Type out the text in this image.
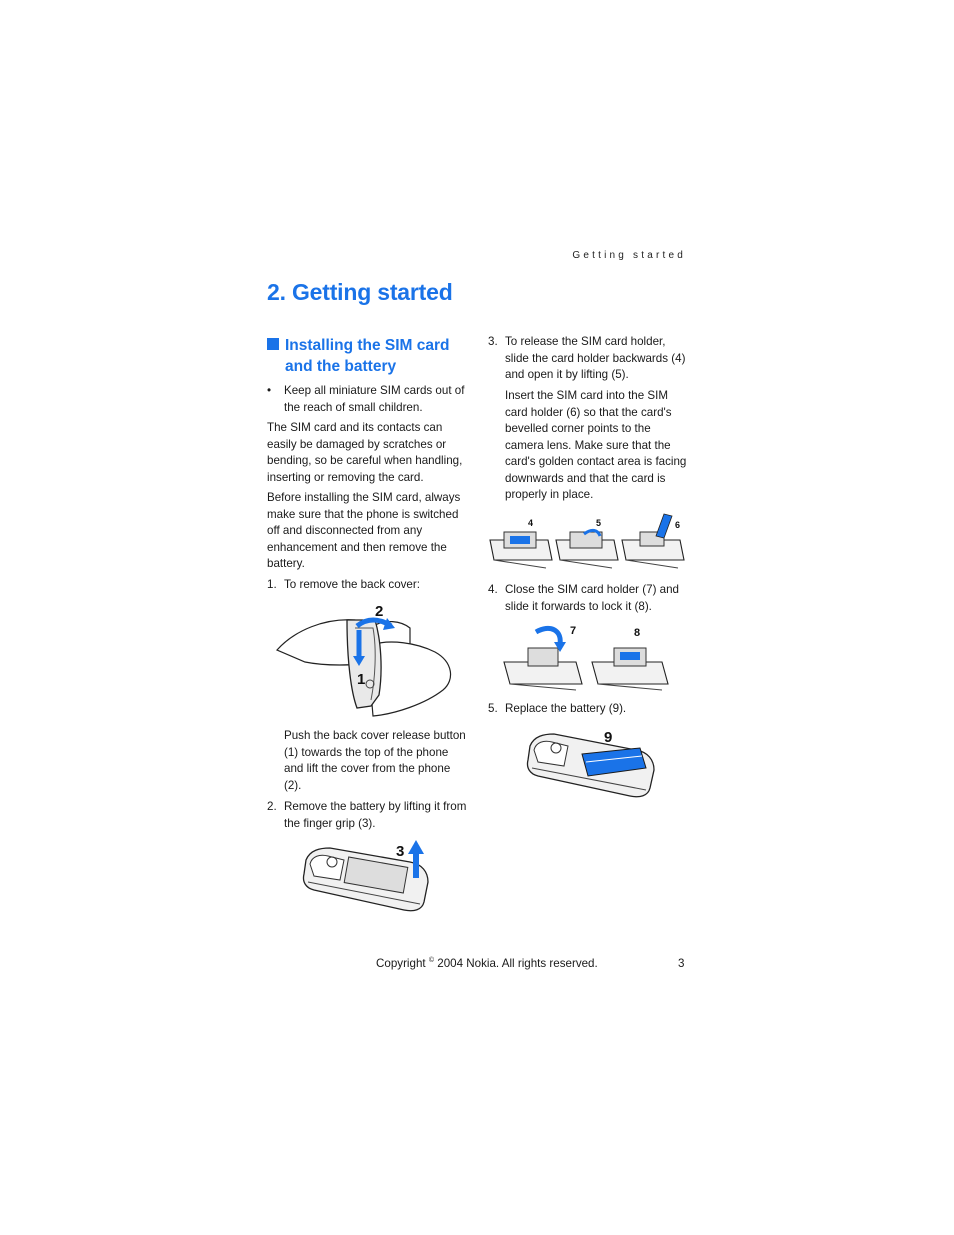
Getting started
2. Getting started
Installing the SIM card and the battery
•	Keep all miniature SIM cards out of the reach of small children.
The SIM card and its contacts can easily be damaged by scratches or bending, so be careful when handling, inserting or removing the card.
Before installing the SIM card, always make sure that the phone is switched off and disconnected from any enhancement and then remove the battery.
1. To remove the back cover:
2
1
Push the back cover release button (1) towards the top of the phone and lift the cover from the phone (2).
2. Remove the battery by lifting it from the finger grip (3).
3
3. To release the SIM card holder, slide the card holder backwards (4) and open it by lifting (5).
Insert the SIM card into the SIM card holder (6) so that the card's bevelled corner points to the camera lens. Make sure that the card's golden contact area is facing downwards and that the card is properly in place.
4	5	6
4. Close the SIM card holder (7) and slide it forwards to lock it (8).
7	8
5. Replace the battery (9).
9
Copyright © 2004 Nokia. All rights reserved.	3
